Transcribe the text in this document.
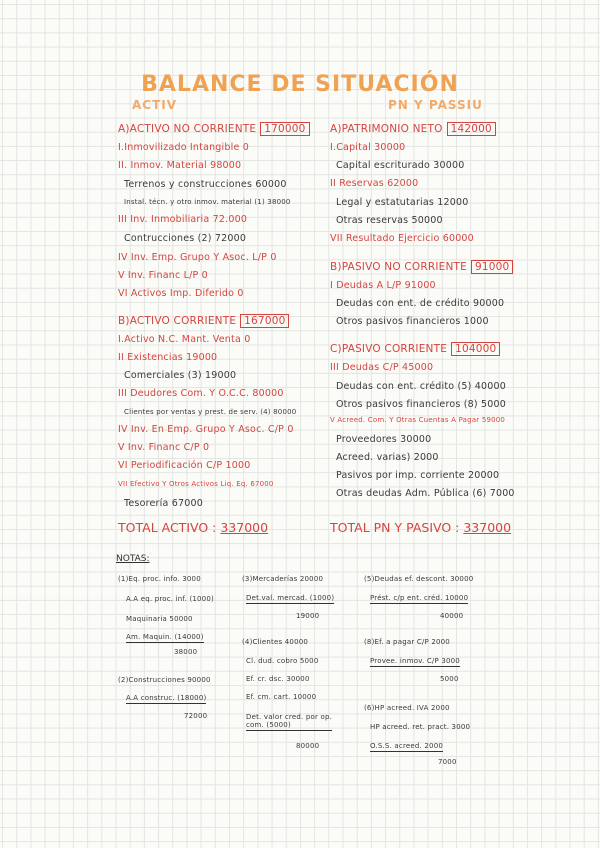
BALANCE DE SITUACIÓN
ACTIV	PN Y PASSIU
A)ACTIVO NO CORRIENTE 170000
I.Inmovilizado Intangible 0
II. Inmov. Material 98000
Terrenos y construcciones 60000
Instal. técn. y otro inmov. material (1) 38000
III Inv. Inmobiliaria 72.000
Contrucciones (2) 72000
IV Inv. Emp. Grupo Y Asoc. L/P 0
V Inv. Financ L/P 0
VI Activos Imp. Diferido 0
B)ACTIVO CORRIENTE 167000
I.Activo N.C. Mant. Venta 0
II Existencias 19000
Comerciales (3) 19000
III Deudores Com. Y O.C.C. 80000
Clientes por ventas y prest. de serv. (4) 80000
IV Inv. En Emp. Grupo Y Asoc. C/P 0
V Inv. Financ C/P 0
VI Periodificación C/P 1000
VII Efectivo Y Otros Activos Liq. Eq. 67000
Tesorería 67000
TOTAL ACTIVO : 337000
A)PATRIMONIO NETO 142000
I.Capital 30000
Capital escriturado 30000
II Reservas 62000
Legal y estatutarias 12000
Otras reservas 50000
VII Resultado Ejercicio 60000
B)PASIVO NO CORRIENTE 91000
I Deudas A L/P 91000
Deudas con ent. de crédito 90000
Otros pasivos financieros 1000
C)PASIVO CORRIENTE 104000
III Deudas C/P 45000
Deudas con ent. crédito (5) 40000
Otros pasivos financieros (8) 5000
V Acreed. Com. Y Otras Cuentas A Pagar 59000
Proveedores 30000
Acreed. varias) 2000
Pasivos por imp. corriente 20000
Otras deudas Adm. Pública (6) 7000
TOTAL PN Y PASIVO : 337000
NOTAS:
(1)Eq. proc. info. 3000
A.A eq. proc. inf. (1000)
Maquinaria 50000
Am. Maquin. (14000)
38000
(2)Construcciones 90000
A.A construc. (18000)
72000
(3)Mercaderías 20000
Det.val. mercad. (1000)
19000
(4)Clientes 40000
Cl. dud. cobro 5000
Ef. cr. dsc. 30000
Ef. cm. cart. 10000
Det. valor cred. por op. com. (5000)
80000
(5)Deudas ef. descont. 30000
Prést. c/p ent. créd. 10000
40000
(8)Ef. a pagar C/P 2000
Provee. inmov. C/P 3000
5000
(6)HP acreed. IVA 2000
HP acreed. ret. pract. 3000
O.S.S. acreed. 2000
7000
